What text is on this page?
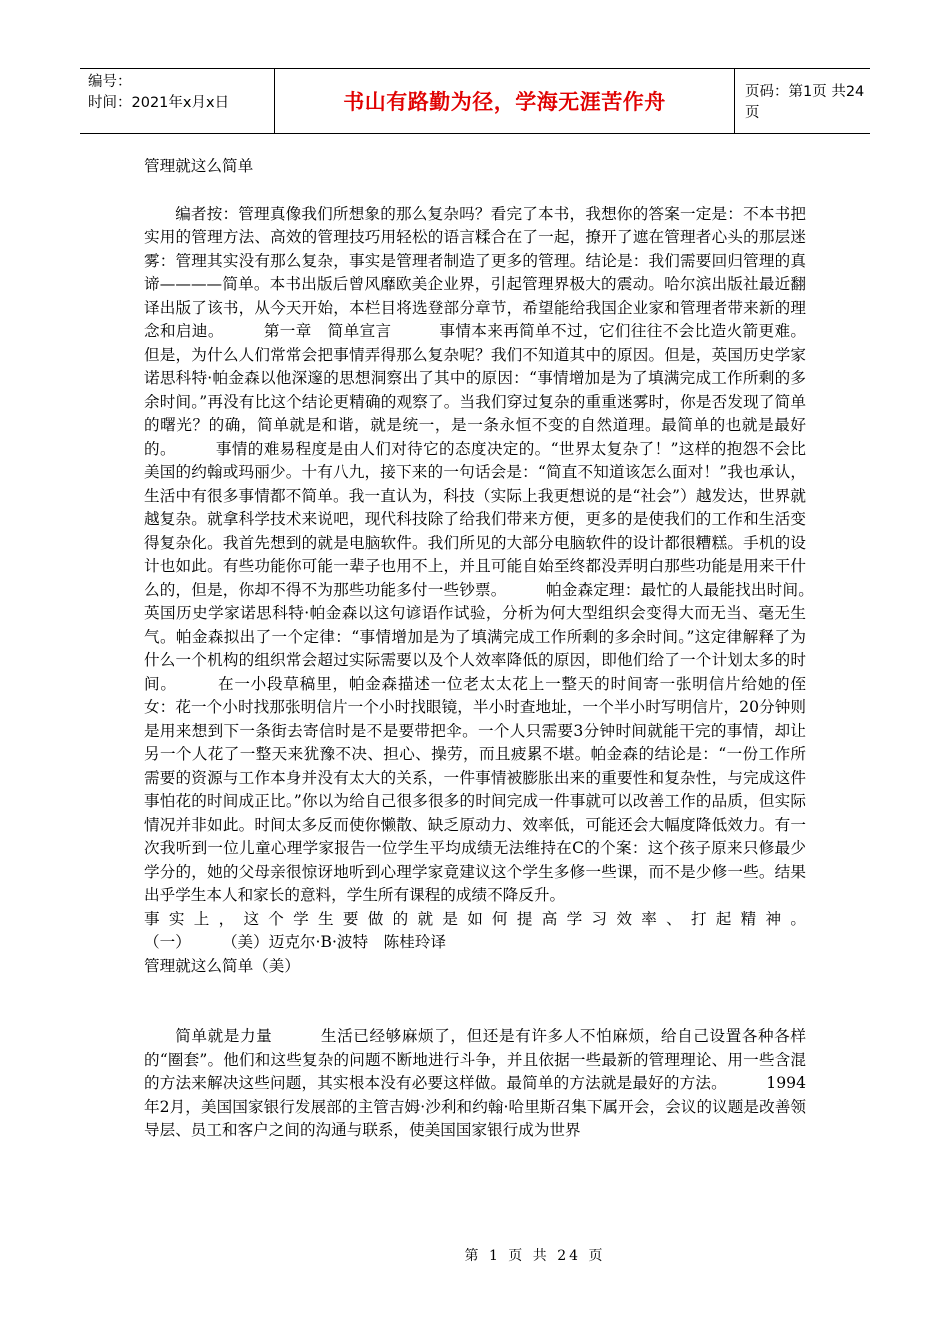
编号：
时间：2021年x月x日	书山有路勤为径，学海无涯苦作舟	页码：第1页 共24页

管理就这么简单

编者按：管理真像我们所想象的那么复杂吗？看完了本书，我想你的答案一定是：不本书把实用的管理方法、高效的管理技巧用轻松的语言糅合在了一起，撩开了遮在管理者心头的那层迷雾：管理其实没有那么复杂，事实是管理者制造了更多的管理。结论是：我们需要回归管理的真谛————简单。本书出版后曾风靡欧美企业界，引起管理界极大的震动。哈尔滨出版社最近翻译出版了该书，从今天开始，本栏目将选登部分章节，希望能给我国企业家和管理者带来新的理念和启迪。　　　第一章　简单宣言　　　事情本来再简单不过，它们往往不会比造火箭更难。但是，为什么人们常常会把事情弄得那么复杂呢？我们不知道其中的原因。但是，英国历史学家诺思科特·帕金森以他深邃的思想洞察出了其中的原因：“事情增加是为了填满完成工作所剩的多余时间。”再没有比这个结论更精确的观察了。当我们穿过复杂的重重迷雾时，你是否发现了简单的曙光？的确，简单就是和谐，就是统一，是一条永恒不变的自然道理。最简单的也就是最好的。　　　事情的难易程度是由人们对待它的态度决定的。“世界太复杂了！”这样的抱怨不会比美国的约翰或玛丽少。十有八九，接下来的一句话会是：“简直不知道该怎么面对！”我也承认，生活中有很多事情都不简单。我一直认为，科技（实际上我更想说的是“社会”）越发达，世界就越复杂。就拿科学技术来说吧，现代科技除了给我们带来方便，更多的是使我们的工作和生活变得复杂化。我首先想到的就是电脑软件。我们所见的大部分电脑软件的设计都很糟糕。手机的设计也如此。有些功能你可能一辈子也用不上，并且可能自始至终都没弄明白那些功能是用来干什么的，但是，你却不得不为那些功能多付一些钞票。　　　帕金森定理：最忙的人最能找出时间。　　　英国历史学家诺思科特·帕金森以这句谚语作试验，分析为何大型组织会变得大而无当、毫无生气。帕金森拟出了一个定律：“事情增加是为了填满完成工作所剩的多余时间。”这定律解释了为什么一个机构的组织常会超过实际需要以及个人效率降低的原因，即他们给了一个计划太多的时间。　　　在一小段草稿里，帕金森描述一位老太太花上一整天的时间寄一张明信片给她的侄女：花一个小时找那张明信片一个小时找眼镜，半小时查地址，一个半小时写明信片，20分钟则是用来想到下一条街去寄信时是不是要带把伞。一个人只需要3分钟时间就能干完的事情，却让另一个人花了一整天来犹豫不决、担心、操劳，而且疲累不堪。帕金森的结论是：“一份工作所需要的资源与工作本身并没有太大的关系，一件事情被膨胀出来的重要性和复杂性，与完成这件事怕花的时间成正比。”你以为给自己很多很多的时间完成一件事就可以改善工作的品质，但实际情况并非如此。时间太多反而使你懒散、缺乏原动力、效率低，可能还会大幅度降低效力。有一次我听到一位儿童心理学家报告一位学生平均成绩无法维持在C的个案：这个孩子原来只修最少学分的，她的父母亲很惊讶地听到心理学家竟建议这个学生多修一些课，而不是少修一些。结果出乎学生本人和家长的意料，学生所有课程的成绩不降反升。

事实上，这个学生要做的就是如何提高学习效率、打起精神。

（一）　　　（美）迈克尔·B·波特　陈桂玲译

管理就这么简单（美）

简单就是力量　　　生活已经够麻烦了，但还是有许多人不怕麻烦，给自己设置各种各样的“圈套”。他们和这些复杂的问题不断地进行斗争，并且依据一些最新的管理理论、用一些含混的方法来解决这些问题，其实根本没有必要这样做。最简单的方法就是最好的方法。　　　1994年2月，美国国家银行发展部的主管吉姆·沙利和约翰·哈里斯召集下属开会，会议的议题是改善领导层、员工和客户之间的沟通与联系，使美国国家银行成为世界

第 1 页 共 24 页
